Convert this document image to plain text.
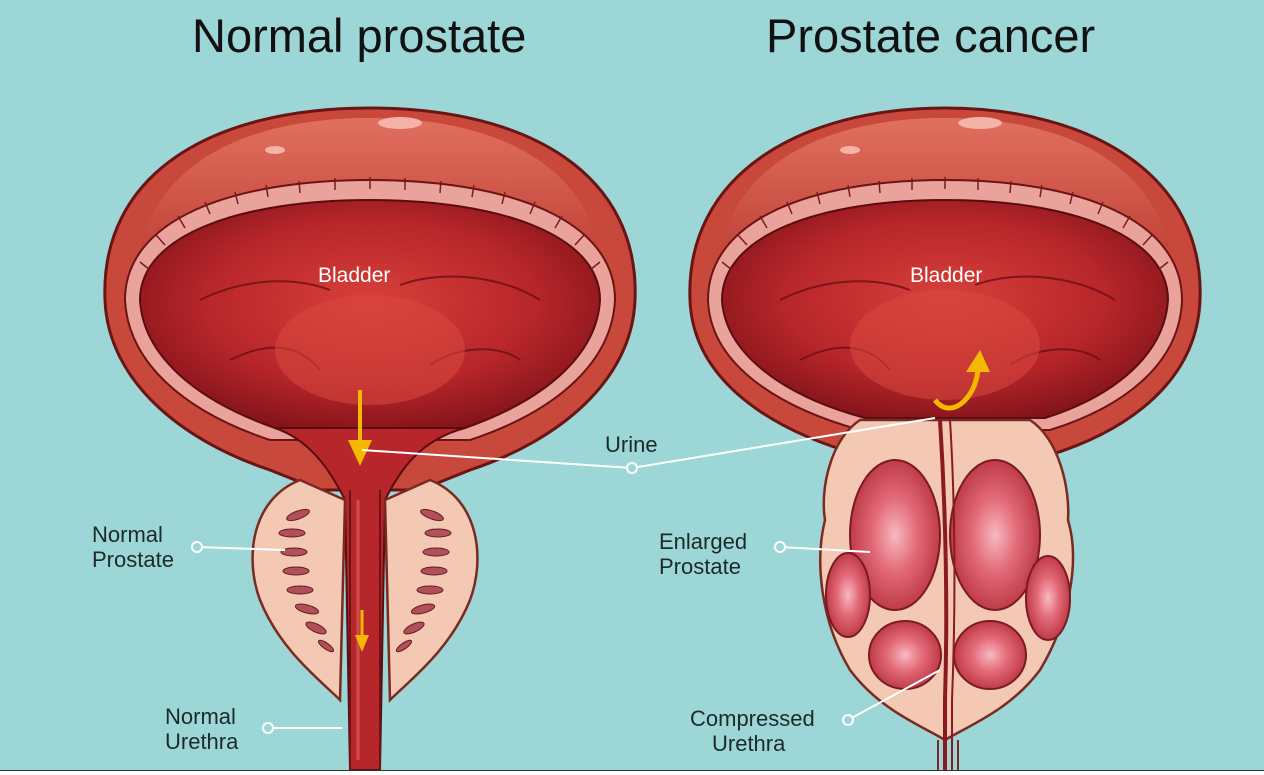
Normal prostate	Prostate cancer
Bladder	Bladder
Urine
Normal
Prostate
Normal
Urethra
Enlarged
Prostate
Compressed
Urethra
